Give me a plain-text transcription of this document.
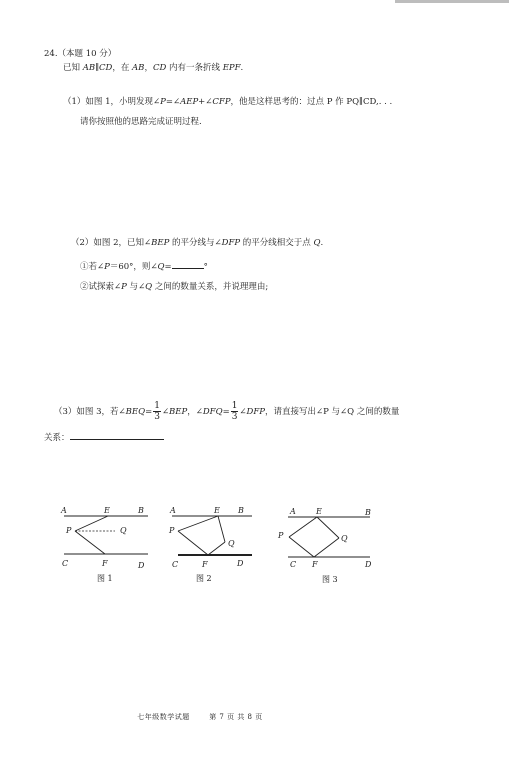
24.（本题 10 分）
已知 AB∥CD，在 AB，CD 内有一条折线 EPF.
（1）如图 1，小明发现∠P=∠AEP+∠CFP，他是这样思考的：过点 P 作 PQ∥CD,. . .
请你按照他的思路完成证明过程.
（2）如图 2，已知∠BEP 的平分线与∠DFP 的平分线相交于点 Q.
①若∠P＝60°，则∠Q=	°
②试探索∠P 与∠Q 之间的数量关系，并说理理由;
（3）如图 3，若∠BEQ= $\frac{1}{3}$ ∠BEP，∠DFQ= $\frac{1}{3}$ ∠DFP，请直接写出∠P 与∠Q 之间的数量
关系：
A	E	B
P	Q
C	F	D
图 1
A	E B
P
Q
C	F	D
图 2
A	E	B
P	Q
C F	D
图 3
七年级数学试题	第 7 页 共 8 页
